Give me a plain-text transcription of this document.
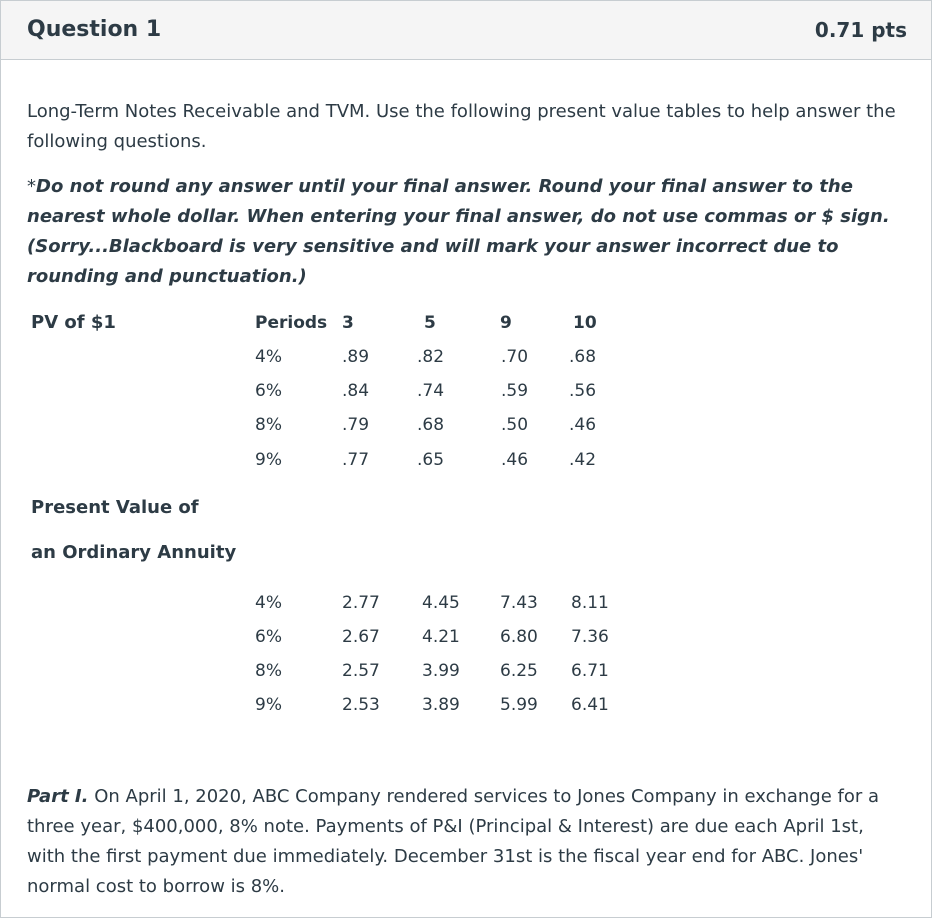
Question 1	0.71 pts
Long-Term Notes Receivable and TVM. Use the following present value tables to help answer the following questions.
*Do not round any answer until your final answer. Round your final answer to the nearest whole dollar. When entering your final answer, do not use commas or $ sign. (Sorry...Blackboard is very sensitive and will mark your answer incorrect due to rounding and punctuation.)
PV of $1	Periods 3	5	9	10
4%	.89	.82	.70 .68
6%	.84	.74	.59 .56
8%	.79	.68	.50 .46
9%	.77	.65	.46 .42
Present Value of
an Ordinary Annuity
4%	2.77 4.45 7.43 8.11
6%	2.67 4.21 6.80 7.36
8%	2.57 3.99 6.25 6.71
9%	2.53 3.89 5.99 6.41
Part I. On April 1, 2020, ABC Company rendered services to Jones Company in exchange for a three year, $400,000, 8% note. Payments of P&I (Principal & Interest) are due each April 1st, with the first payment due immediately. December 31st is the fiscal year end for ABC. Jones' normal cost to borrow is 8%.
